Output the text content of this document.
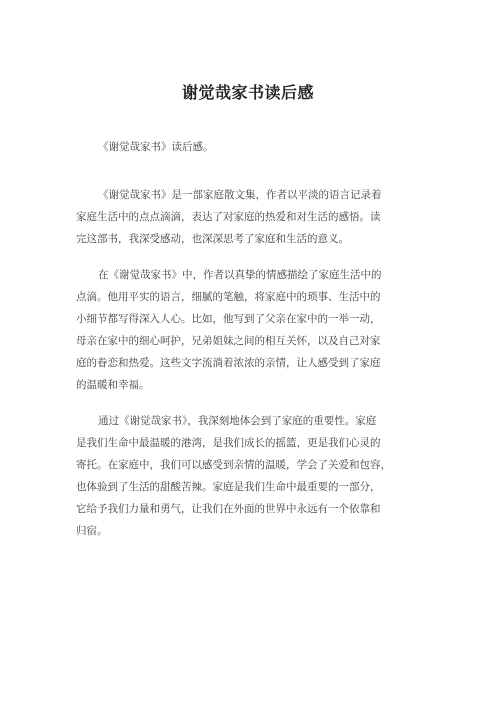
谢觉哉家书读后感
《谢觉哉家书》读后感。
《谢觉哉家书》是一部家庭散文集，作者以平淡的语言记录着
家庭生活中的点点滴滴，表达了对家庭的热爱和对生活的感悟。读
完这部书，我深受感动，也深深思考了家庭和生活的意义。
在《谢觉哉家书》中，作者以真挚的情感描绘了家庭生活中的
点滴。他用平实的语言，细腻的笔触，将家庭中的琐事、生活中的
小细节都写得深入人心。比如，他写到了父亲在家中的一举一动，
母亲在家中的细心呵护，兄弟姐妹之间的相互关怀，以及自己对家
庭的眷恋和热爱。这些文字流淌着浓浓的亲情，让人感受到了家庭
的温暖和幸福。
通过《谢觉哉家书》，我深刻地体会到了家庭的重要性。家庭
是我们生命中最温暖的港湾，是我们成长的摇篮，更是我们心灵的
寄托。在家庭中，我们可以感受到亲情的温暖，学会了关爱和包容，
也体验到了生活的甜酸苦辣。家庭是我们生命中最重要的一部分，
它给予我们力量和勇气，让我们在外面的世界中永远有一个依靠和
归宿。
